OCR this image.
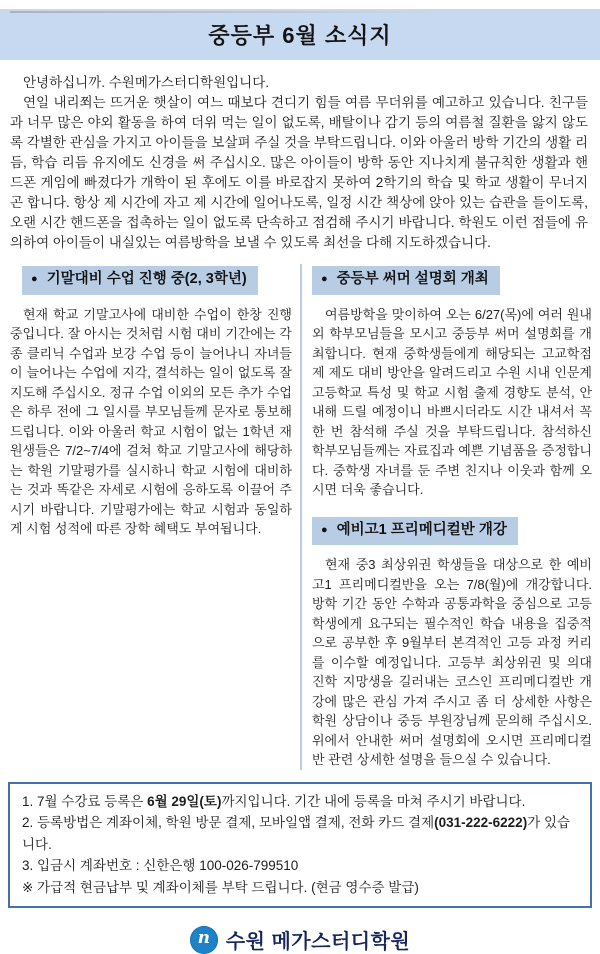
중등부 6월 소식지

안녕하십니까. 수원메가스터디학원입니다.

연일 내리쬐는 뜨거운 햇살이 여느 때보다 견디기 힘들 여름 무더위를 예고하고 있습니다. 친구들과 너무 많은 야외 활동을 하여 더위 먹는 일이 없도록, 배탈이나 감기 등의 여름철 질환을 앓지 않도록 각별한 관심을 가지고 아이들을 보살펴 주실 것을 부탁드립니다. 이와 아울러 방학 기간의 생활 리듬, 학습 리듬 유지에도 신경을 써 주십시오. 많은 아이들이 방학 동안 지나치게 불규칙한 생활과 핸드폰 게임에 빠졌다가 개학이 된 후에도 이를 바로잡지 못하여 2학기의 학습 및 학교 생활이 무너지곤 합니다. 항상 제 시간에 자고 제 시간에 일어나도록, 일정 시간 책상에 앉아 있는 습관을 들이도록, 오랜 시간 핸드폰을 접촉하는 일이 없도록 단속하고 점검해 주시기 바랍니다. 학원도 이런 점들에 유의하여 아이들이 내실있는 여름방학을 보낼 수 있도록 최선을 다해 지도하겠습니다.

● 기말대비 수업 진행 중(2, 3학년)

현재 학교 기말고사에 대비한 수업이 한창 진행 중입니다. 잘 아시는 것처럼 시험 대비 기간에는 각종 클리닉 수업과 보강 수업 등이 늘어나니 자녀들이 늘어나는 수업에 지각, 결석하는 일이 없도록 잘 지도해 주십시오. 정규 수업 이외의 모든 추가 수업은 하루 전에 그 일시를 부모님들께 문자로 통보해 드립니다. 이와 아울러 학교 시험이 없는 1학년 재원생들은 7/2~7/4에 걸쳐 학교 기말고사에 해당하는 학원 기말평가를 실시하니 학교 시험에 대비하는 것과 똑같은 자세로 시험에 응하도록 이끌어 주시기 바랍니다. 기말평가에는 학교 시험과 동일하게 시험 성적에 따른 장학 혜택도 부여됩니다.

● 중등부 써머 설명회 개최

여름방학을 맞이하여 오는 6/27(목)에 여러 원내외 학부모님들을 모시고 중등부 써머 설명회를 개최합니다. 현재 중학생들에게 해당되는 고교학점제 제도 대비 방안을 알려드리고 수원 시내 인문계 고등학교 특성 및 학교 시험 출제 경향도 분석, 안내해 드릴 예정이니 바쁘시더라도 시간 내셔서 꼭 한 번 참석해 주실 것을 부탁드립니다. 참석하신 학부모님들께는 자료집과 예쁜 기념품을 증정합니다. 중학생 자녀를 둔 주변 친지나 이웃과 함께 오시면 더욱 좋습니다.

● 예비고1 프리메디컬반 개강

현재 중3 최상위권 학생들을 대상으로 한 예비고1 프리메디컬반을 오는 7/8(월)에 개강합니다. 방학 기간 동안 수학과 공통과학을 중심으로 고등학생에게 요구되는 필수적인 학습 내용을 집중적으로 공부한 후 9월부터 본격적인 고등 과정 커리를 이수할 예정입니다. 고등부 최상위권 및 의대 진학 지망생을 길러내는 코스인 프리메디컬반 개강에 많은 관심 가져 주시고 좀 더 상세한 사항은 학원 상담이나 중등 부원장님께 문의해 주십시오. 위에서 안내한 써머 설명회에 오시면 프리메디컬반 관련 상세한 설명을 들으실 수 있습니다.

1. 7월 수강료 등록은 6월 29일(토)까지입니다. 기간 내에 등록을 마쳐 주시기 바랍니다.
2. 등록방법은 계좌이체, 학원 방문 결제, 모바일앱 결제, 전화 카드 결제(031-222-6222)가 있습니다.
3. 입금시 계좌번호 : 신한은행 100-026-799510
※ 가급적 현금납부 및 계좌이체를 부탁 드립니다. (현금 영수증 발급)
n 수원 메가스터디학원
